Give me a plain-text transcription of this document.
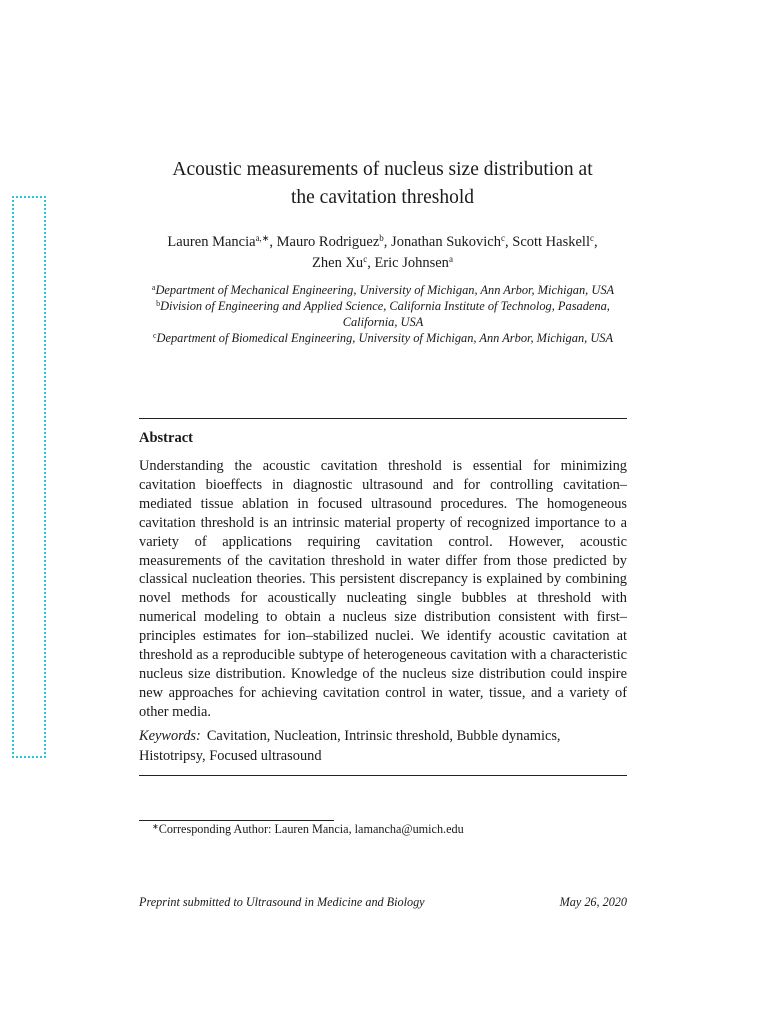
Acoustic measurements of nucleus size distribution at
the cavitation threshold
Lauren Mancia$^{a,∗}$, Mauro Rodriguez$^b$, Jonathan Sukovich$^c$, Scott Haskell$^c$,
Zhen Xu$^c$, Eric Johnsen$^a$
$^a$Department of Mechanical Engineering, University of Michigan, Ann Arbor, Michigan, USA
$^b$Division of Engineering and Applied Science, California Institute of Technolog, Pasadena, California, USA
$^c$Department of Biomedical Engineering, University of Michigan, Ann Arbor, Michigan, USA
Abstract
Understanding the acoustic cavitation threshold is essential for minimizing cavitation bioeffects in diagnostic ultrasound and for controlling cavitation–mediated tissue ablation in focused ultrasound procedures. The homogeneous cavitation threshold is an intrinsic material property of recognized importance to a variety of applications requiring cavitation control. However, acoustic measurements of the cavitation threshold in water differ from those predicted by classical nucleation theories. This persistent discrepancy is explained by combining novel methods for acoustically nucleating single bubbles at threshold with numerical modeling to obtain a nucleus size distribution consistent with first–principles estimates for ion–stabilized nuclei. We identify acoustic cavitation at threshold as a reproducible subtype of heterogeneous cavitation with a characteristic nucleus size distribution. Knowledge of the nucleus size distribution could inspire new approaches for achieving cavitation control in water, tissue, and a variety of other media.
Keywords: Cavitation, Nucleation, Intrinsic threshold, Bubble dynamics, Histotripsy, Focused ultrasound
∗Corresponding Author: Lauren Mancia, lamancha@umich.edu
Preprint submitted to Ultrasound in Medicine and Biology	May 26, 2020
